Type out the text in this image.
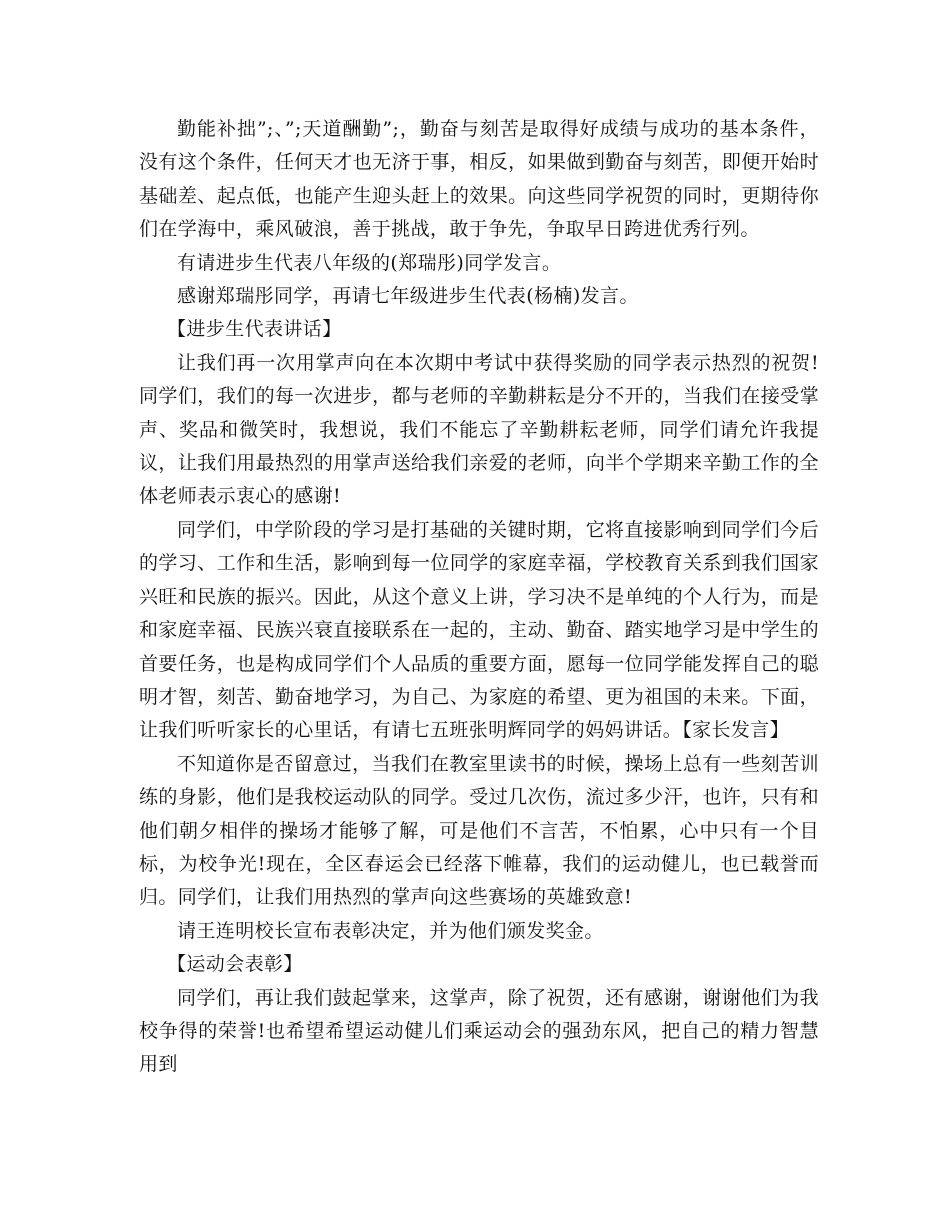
勤能补拙”;、”;天道酬勤”;，勤奋与刻苦是取得好成绩与成功的基本条件，没有这个条件，任何天才也无济于事，相反，如果做到勤奋与刻苦，即便开始时基础差、起点低，也能产生迎头赶上的效果。向这些同学祝贺的同时，更期待你们在学海中，乘风破浪，善于挑战，敢于争先，争取早日跨进优秀行列。

有请进步生代表八年级的(郑瑞彤)同学发言。

感谢郑瑞彤同学，再请七年级进步生代表(杨楠)发言。

【进步生代表讲话】

让我们再一次用掌声向在本次期中考试中获得奖励的同学表示热烈的祝贺!同学们，我们的每一次进步，都与老师的辛勤耕耘是分不开的，当我们在接受掌声、奖品和微笑时，我想说，我们不能忘了辛勤耕耘老师，同学们请允许我提议，让我们用最热烈的用掌声送给我们亲爱的老师，向半个学期来辛勤工作的全体老师表示衷心的感谢!

同学们，中学阶段的学习是打基础的关键时期，它将直接影响到同学们今后的学习、工作和生活，影响到每一位同学的家庭幸福，学校教育关系到我们国家兴旺和民族的振兴。因此，从这个意义上讲，学习决不是单纯的个人行为，而是和家庭幸福、民族兴衰直接联系在一起的，主动、勤奋、踏实地学习是中学生的首要任务，也是构成同学们个人品质的重要方面，愿每一位同学能发挥自己的聪明才智，刻苦、勤奋地学习，为自己、为家庭的希望、更为祖国的未来。下面，让我们听听家长的心里话，有请七五班张明辉同学的妈妈讲话。【家长发言】

不知道你是否留意过，当我们在教室里读书的时候，操场上总有一些刻苦训练的身影，他们是我校运动队的同学。受过几次伤，流过多少汗，也许，只有和他们朝夕相伴的操场才能够了解，可是他们不言苦，不怕累，心中只有一个目标，为校争光!现在，全区春运会已经落下帷幕，我们的运动健儿，也已载誉而归。同学们，让我们用热烈的掌声向这些赛场的英雄致意!

请王连明校长宣布表彰决定，并为他们颁发奖金。

【运动会表彰】

同学们，再让我们鼓起掌来，这掌声，除了祝贺，还有感谢，谢谢他们为我校争得的荣誉!也希望希望运动健儿们乘运动会的强劲东风，把自己的精力智慧用到
